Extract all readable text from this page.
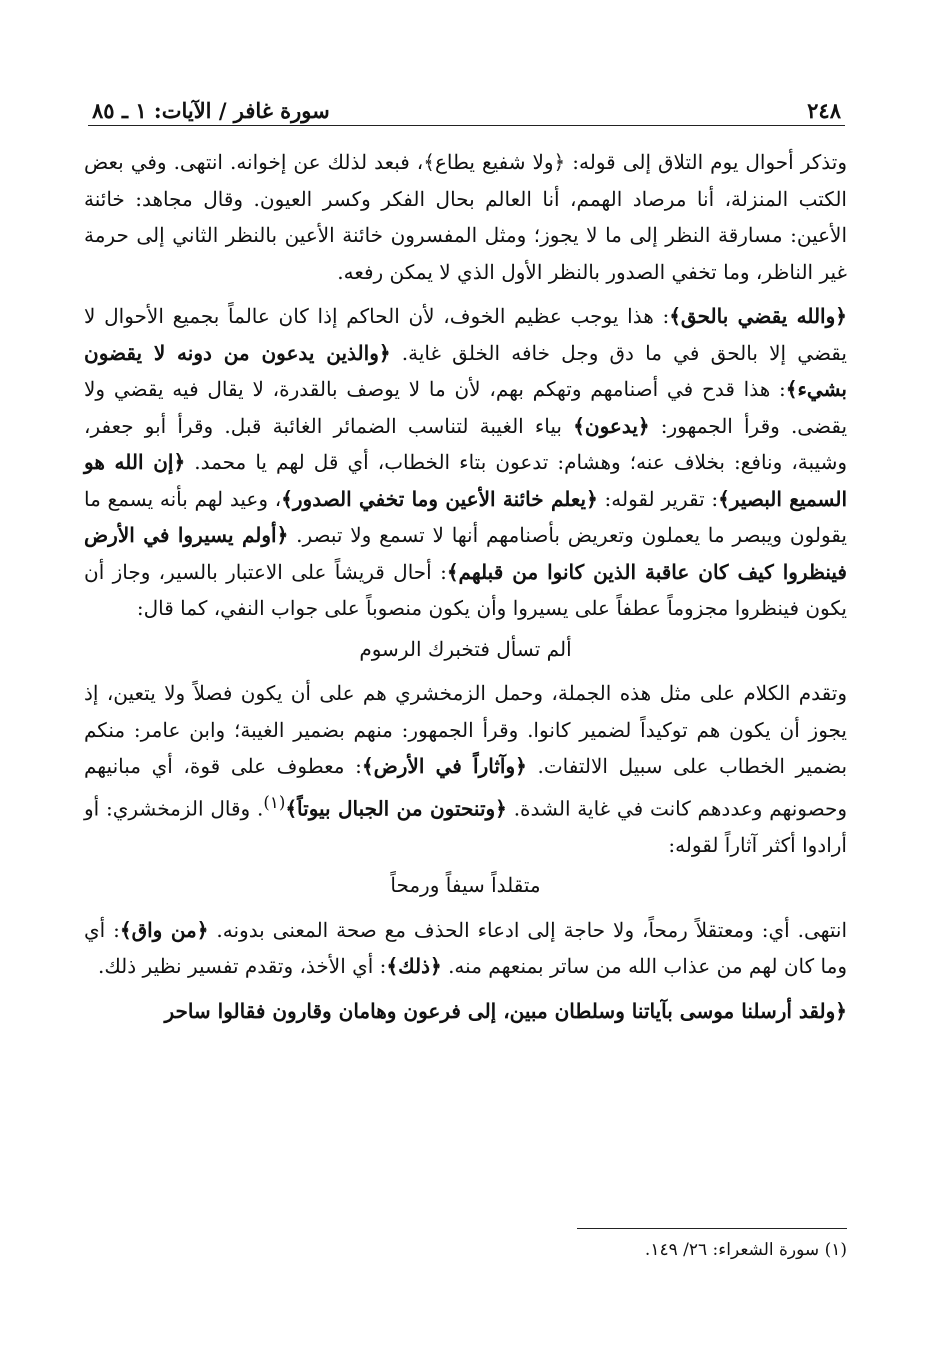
٢٤٨
سورة غافر / الآيات: ١ ـ ٨٥

وتذكر أحوال يوم التلاق إلى قوله: ﴿ولا شفيع يطاع﴾، فبعد لذلك عن إخوانه. انتهى. وفي بعض الكتب المنزلة، أنا مرصاد الهمم، أنا العالم بحال الفكر وكسر العيون. وقال مجاهد: خائنة الأعين: مسارقة النظر إلى ما لا يجوز؛ ومثل المفسرون خائنة الأعين بالنظر الثاني إلى حرمة غير الناظر، وما تخفي الصدور بالنظر الأول الذي لا يمكن رفعه.

﴿والله يقضي بالحق﴾: هذا يوجب عظيم الخوف، لأن الحاكم إذا كان عالماً بجميع الأحوال لا يقضي إلا بالحق في ما دق وجل خافه الخلق غاية. ﴿والذين يدعون من دونه لا يقضون بشيء﴾: هذا قدح في أصنامهم وتهكم بهم، لأن ما لا يوصف بالقدرة، لا يقال فيه يقضي ولا يقضى. وقرأ الجمهور: ﴿يدعون﴾ بياء الغيبة لتناسب الضمائر الغائبة قبل. وقرأ أبو جعفر، وشيبة، ونافع: بخلاف عنه؛ وهشام: تدعون بتاء الخطاب، أي قل لهم يا محمد. ﴿إن الله هو السميع البصير﴾: تقرير لقوله: ﴿يعلم خائنة الأعين وما تخفي الصدور﴾، وعيد لهم بأنه يسمع ما يقولون ويبصر ما يعملون وتعريض بأصنامهم أنها لا تسمع ولا تبصر. ﴿أولم يسيروا في الأرض فينظروا كيف كان عاقبة الذين كانوا من قبلهم﴾: أحال قريشاً على الاعتبار بالسير، وجاز أن يكون فينظروا مجزوماً عطفاً على يسيروا وأن يكون منصوباً على جواب النفي، كما قال:

ألم تسأل فتخبرك الرسوم

وتقدم الكلام على مثل هذه الجملة، وحمل الزمخشري هم على أن يكون فصلاً ولا يتعين، إذ يجوز أن يكون هم توكيداً لضمير كانوا. وقرأ الجمهور: منهم بضمير الغيبة؛ وابن عامر: منكم بضمير الخطاب على سبيل الالتفات. ﴿وآثاراً في الأرض﴾: معطوف على قوة، أي مبانيهم وحصونهم وعددهم كانت في غاية الشدة. ﴿وتنحتون من الجبال بيوتاً﴾$^{(١)}$. وقال الزمخشري: أو أرادوا أكثر آثاراً لقوله:

متقلداً سيفاً ورمحاً

انتهى. أي: ومعتقلاً رمحاً، ولا حاجة إلى ادعاء الحذف مع صحة المعنى بدونه. ﴿من واق﴾: أي وما كان لهم من عذاب الله من ساتر بمنعهم منه. ﴿ذلك﴾: أي الأخذ، وتقدم تفسير نظير ذلك.

﴿ولقد أرسلنا موسى بآياتنا وسلطان مبين، إلى فرعون وهامان وقارون فقالوا ساحر

(١) سورة الشعراء: ٢٦/ ١٤٩.
